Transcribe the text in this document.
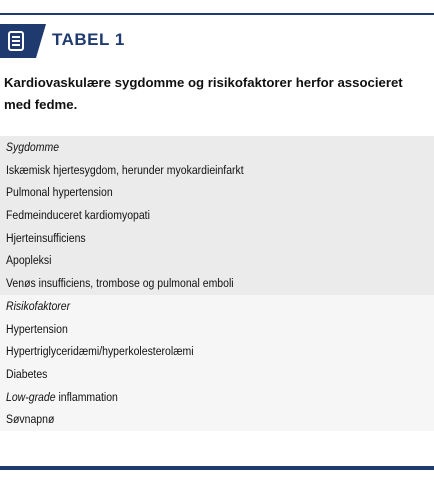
TABEL 1
Kardiovaskulære sygdomme og risikofaktorer herfor associeret med fedme.
Sygdomme
Iskæmisk hjertesygdom, herunder myokardieinfarkt
Pulmonal hypertension
Fedmeinduceret kardiomyopati
Hjerteinsufficiens
Apopleksi
Venøs insufficiens, trombose og pulmonal emboli
Risikofaktorer
Hypertension
Hypertriglyceridæmi/hyperkolesterolæmi
Diabetes
Low-grade inflammation
Søvnapnø
